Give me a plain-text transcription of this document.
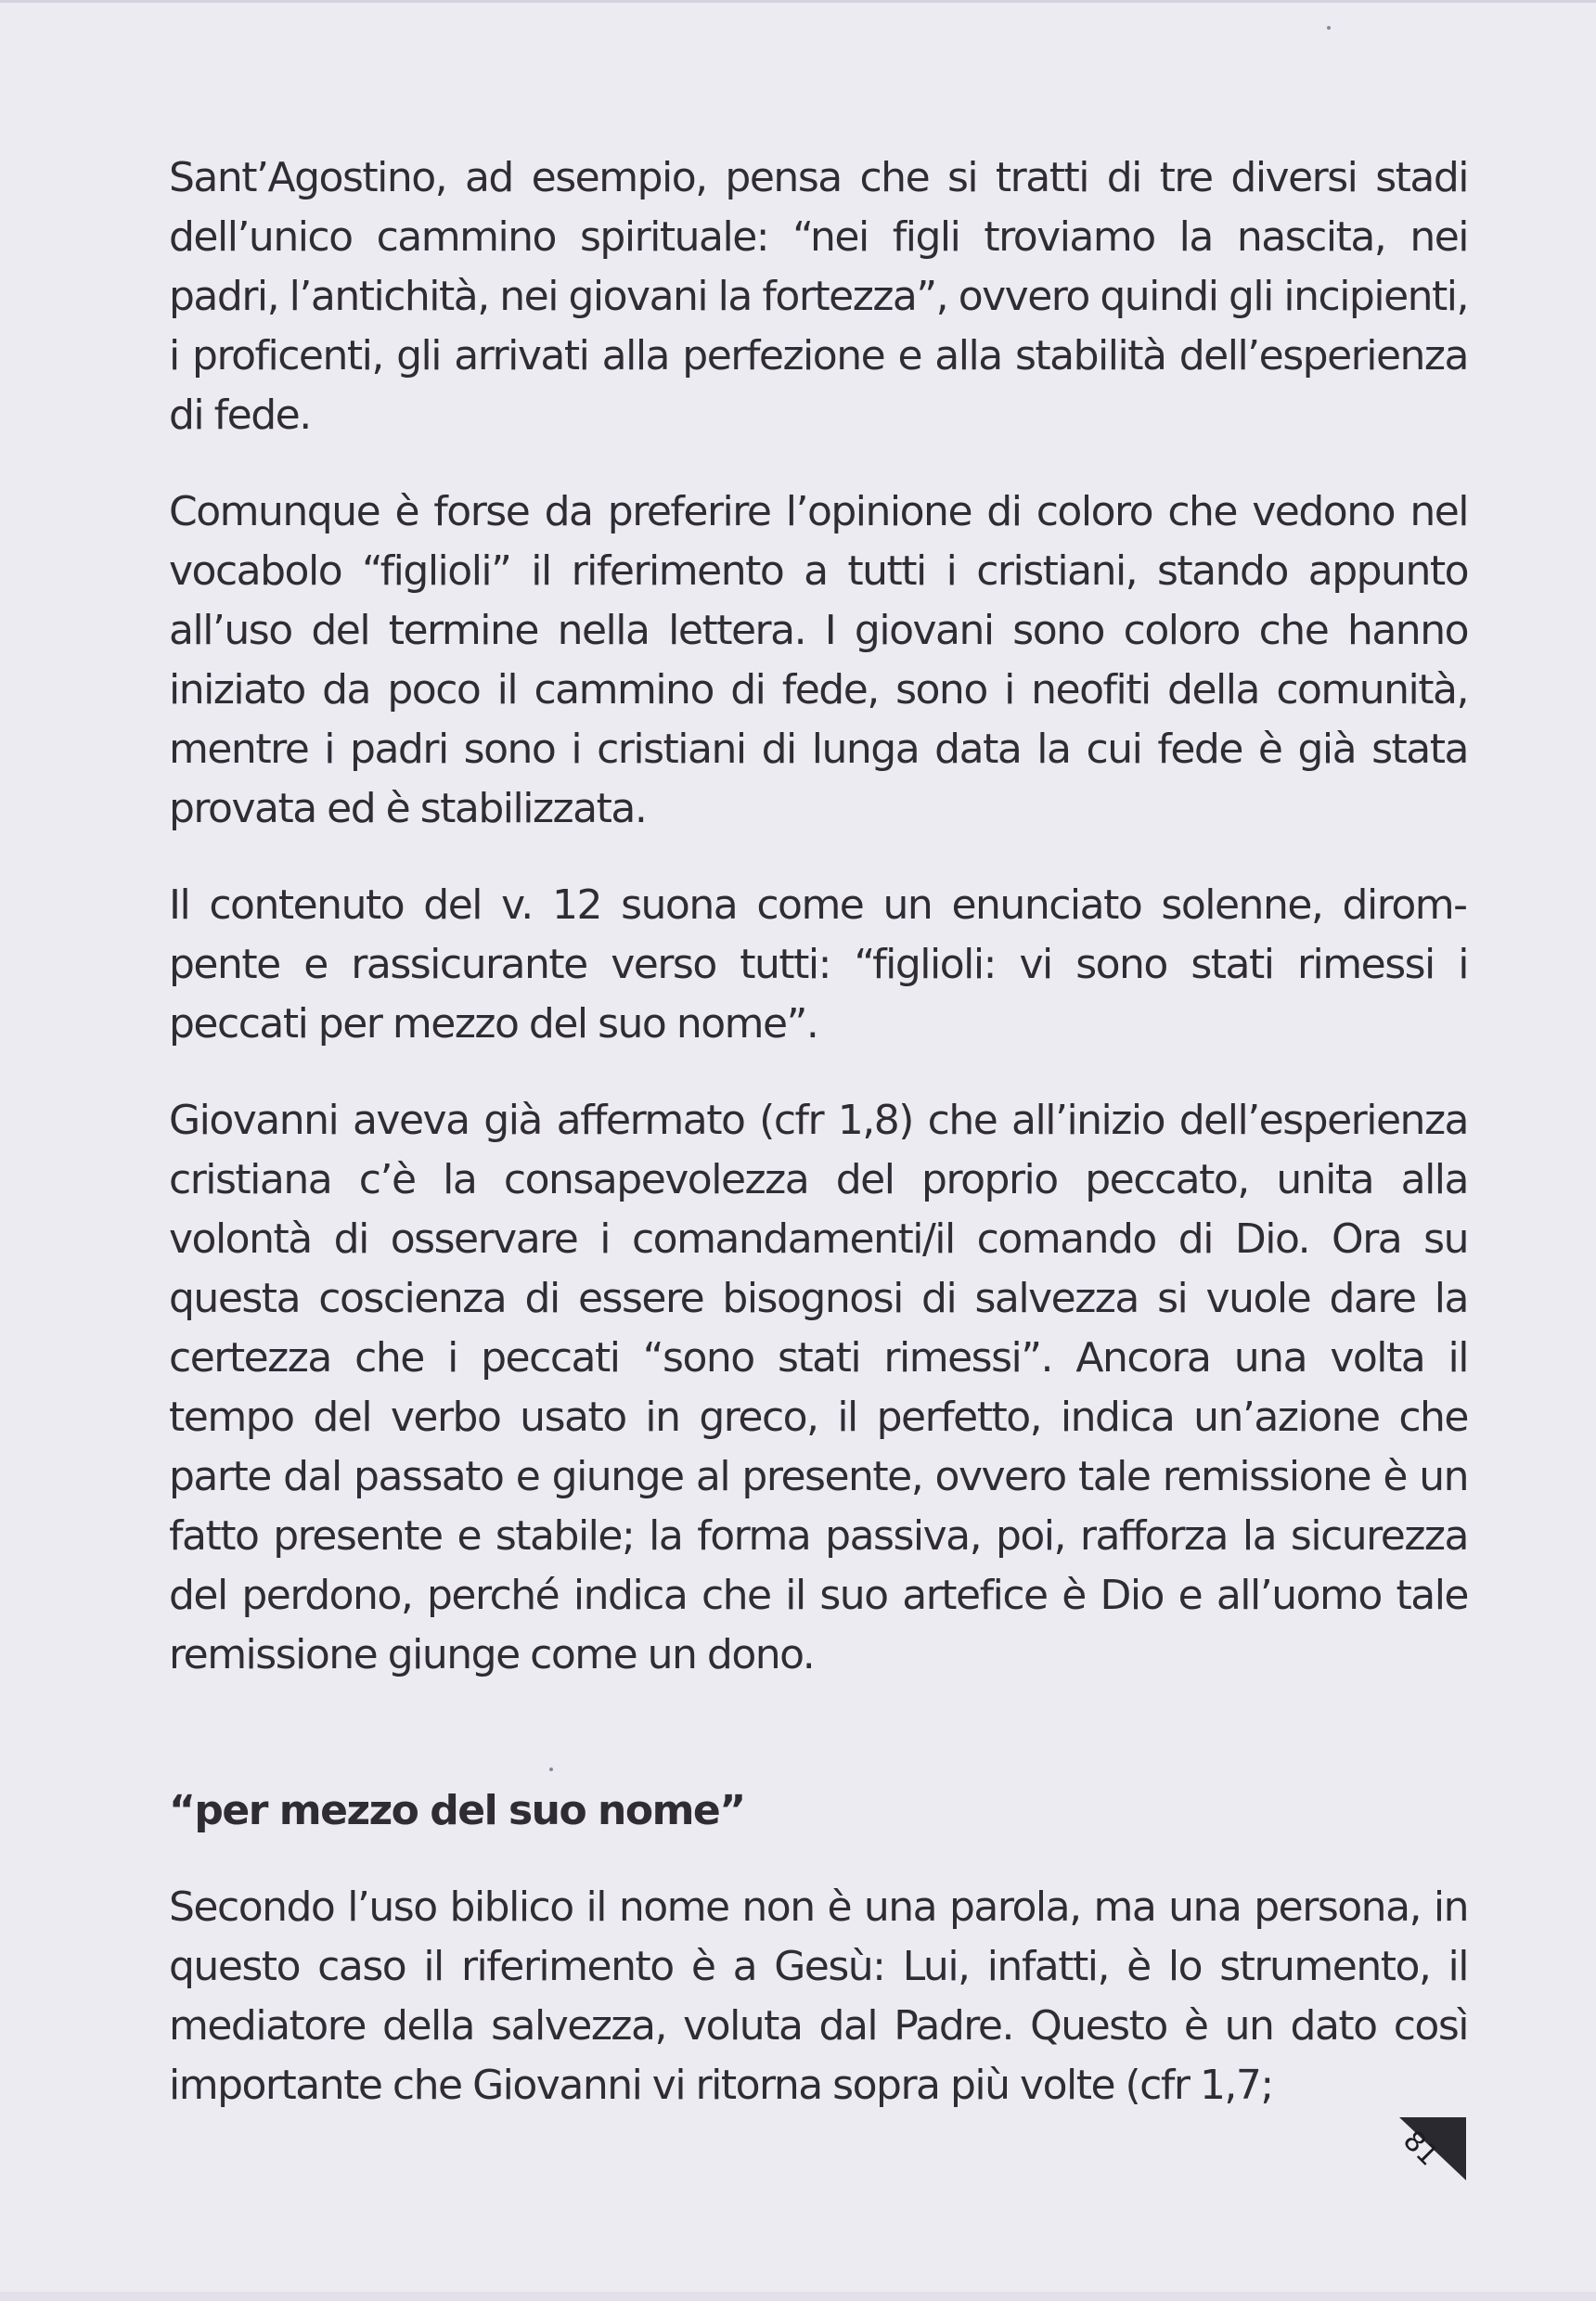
Sant’Agostino, ad esempio, pensa che si tratti di tre diversi stadi dell’unico cammino spirituale: “nei figli troviamo la nascita, nei padri, l’antichità, nei giovani la fortezza”, ovvero quindi gli incipienti, i proficenti, gli arrivati alla perfezione e alla stabilità dell’esperienza di fede.

Comunque è forse da preferire l’opinione di coloro che vedono nel vocabolo “figlioli” il riferimento a tutti i cristiani, stando appunto all’uso del termine nella lettera. I giovani sono coloro che hanno iniziato da poco il cammino di fede, sono i neofiti della comunità, mentre i padri sono i cristiani di lunga data la cui fede è già stata provata ed è stabilizzata.

Il contenuto del v. 12 suona come un enunciato solenne, dirompente e rassicurante verso tutti: “figlioli: vi sono stati rimessi i peccati per mezzo del suo nome”.

Giovanni aveva già affermato (cfr 1,8) che all’inizio dell’esperienza cristiana c’è la consapevolezza del proprio peccato, unita alla volontà di osservare i comandamenti/il comando di Dio. Ora su questa coscienza di essere bisognosi di salvezza si vuole dare la certezza che i peccati “sono stati rimessi”. Ancora una volta il tempo del verbo usato in greco, il perfetto, indica un’azione che parte dal passato e giunge al presente, ovvero tale remissione è un fatto presente e stabile; la forma passiva, poi, rafforza la sicurezza del perdono, perché indica che il suo artefice è Dio e all’uomo tale remissione giunge come un dono.

“per mezzo del suo nome”

Secondo l’uso biblico il nome non è una parola, ma una persona, in questo caso il riferimento è a Gesù: Lui, infatti, è lo strumento, il mediatore della salvezza, voluta dal Padre. Questo è un dato così importante che Giovanni vi ritorna sopra più volte (cfr 1,7;

81
